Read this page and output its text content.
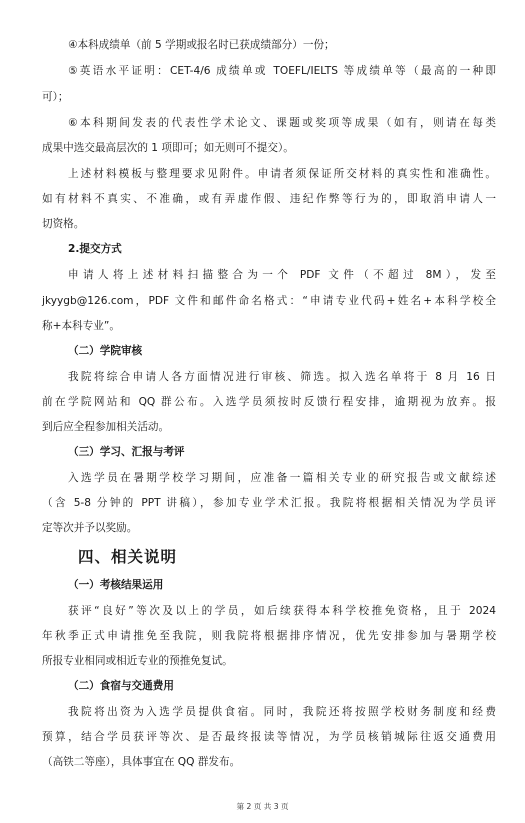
④本科成绩单（前 5 学期或报名时已获成绩部分）一份；
⑤英语水平证明：CET-4/6 成绩单或 TOEFL/IELTS 等成绩单等（最高的一种即
可）；
⑥本科期间发表的代表性学术论文、课题或奖项等成果（如有，则请在每类
成果中选交最高层次的 1 项即可；如无则可不提交）。
上述材料模板与整理要求见附件。申请者须保证所交材料的真实性和准确性。
如有材料不真实、不准确，或有弄虚作假、违纪作弊等行为的，即取消申请人一
切资格。
2.提交方式
申请人将上述材料扫描整合为一个 PDF 文件（不超过 8M），发至
jkyygb@126.com，PDF 文件和邮件命名格式：“申请专业代码+姓名+本科学校全
称+本科专业”。
（二）学院审核
我院将综合申请人各方面情况进行审核、筛选。拟入选名单将于 8 月 16 日
前在学院网站和 QQ 群公布。入选学员须按时反馈行程安排，逾期视为放弃。报
到后应全程参加相关活动。
（三）学习、汇报与考评
入选学员在暑期学校学习期间，应准备一篇相关专业的研究报告或文献综述
（含 5-8 分钟的 PPT 讲稿），参加专业学术汇报。我院将根据相关情况为学员评
定等次并予以奖励。
四、相关说明
（一）考核结果运用
获评“良好”等次及以上的学员，如后续获得本科学校推免资格，且于 2024
年秋季正式申请推免至我院，则我院将根据排序情况，优先安排参加与暑期学校
所报专业相同或相近专业的预推免复试。
（二）食宿与交通费用
我院将出资为入选学员提供食宿。同时，我院还将按照学校财务制度和经费
预算，结合学员获评等次、是否最终报读等情况，为学员核销城际往返交通费用
（高铁二等座），具体事宜在 QQ 群发布。
第 2 页 共 3 页
